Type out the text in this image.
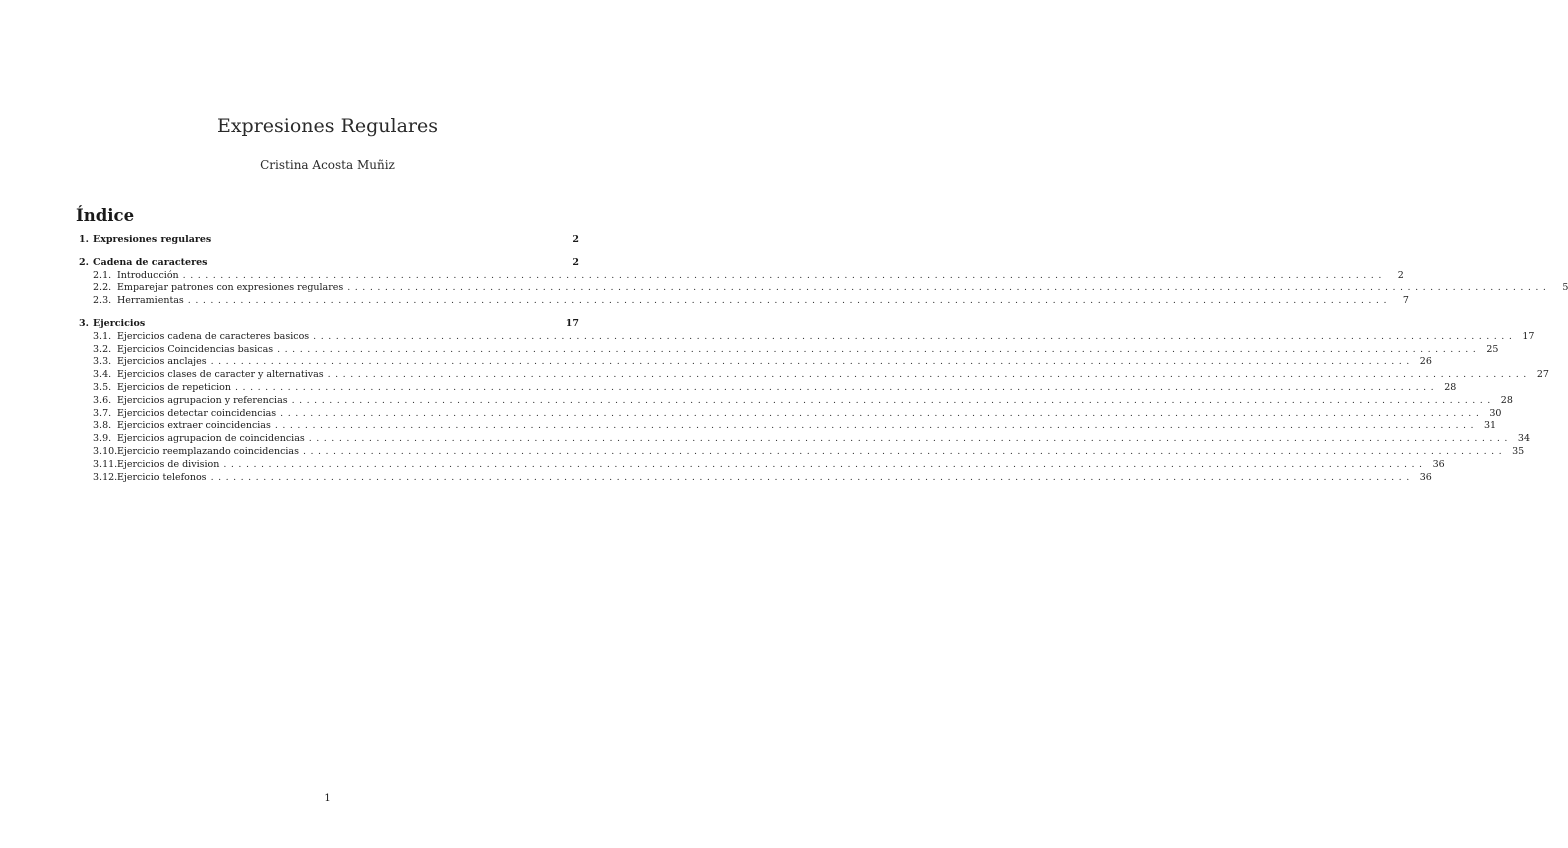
Expresiones Regulares
Cristina Acosta Muñiz
Índice
1. Expresiones regulares	2
2. Cadena de caracteres	2
2.1. Introducción ................................................................................................................................................................	2
2.2. Emparejar patrones con expresiones regulares ................................................................................................................................................................	5
2.3. Herramientas ................................................................................................................................................................	7
3. Ejercicios	17
3.1. Ejercicios cadena de caracteres basicos ................................................................................................................................................................ 17
3.2. Ejercicios Coincidencias basicas ................................................................................................................................................................ 25
3.3. Ejercicios anclajes ................................................................................................................................................................ 26
3.4. Ejercicios clases de caracter y alternativas ................................................................................................................................................................ 27
3.5. Ejercicios de repeticion ................................................................................................................................................................ 28
3.6. Ejercicios agrupacion y referencias ................................................................................................................................................................ 28
3.7. Ejercicios detectar coincidencias ................................................................................................................................................................ 30
3.8. Ejercicios extraer coincidencias ................................................................................................................................................................ 31
3.9. Ejercicios agrupacion de coincidencias ................................................................................................................................................................ 34
3.10. Ejercicio reemplazando coincidencias ................................................................................................................................................................ 35
3.11. Ejercicios de division ................................................................................................................................................................ 36
3.12. Ejercicio telefonos ................................................................................................................................................................ 36
1
